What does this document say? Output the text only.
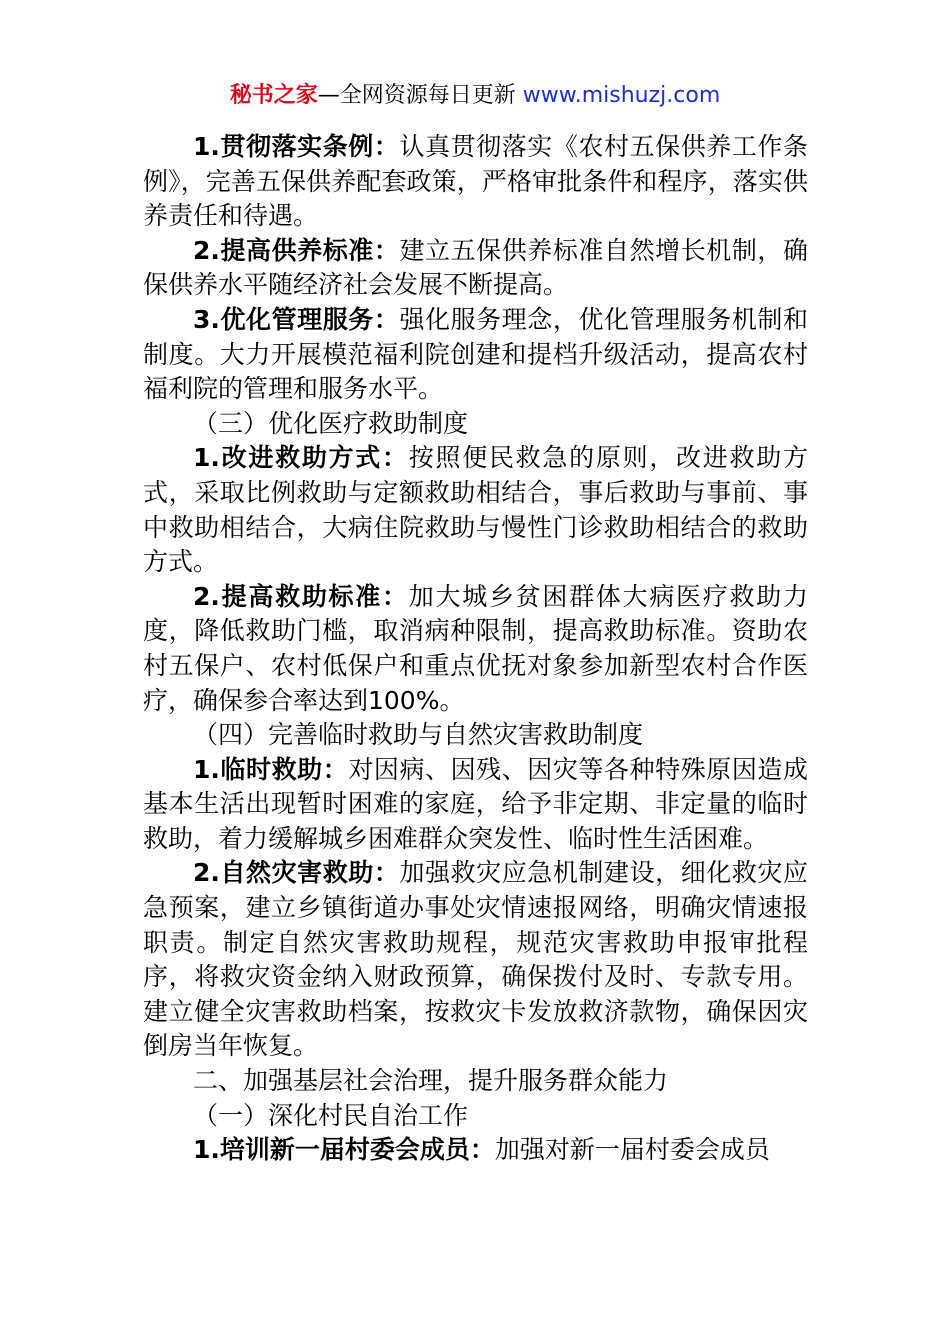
秘书之家—全网资源每日更新 www.mishuzj.com

1.贯彻落实条例：认真贯彻落实《农村五保供养工作条例》，完善五保供养配套政策，严格审批条件和程序，落实供养责任和待遇。

2.提高供养标准：建立五保供养标准自然增长机制，确保供养水平随经济社会发展不断提高。

3.优化管理服务：强化服务理念，优化管理服务机制和制度。大力开展模范福利院创建和提档升级活动，提高农村福利院的管理和服务水平。

（三）优化医疗救助制度

1.改进救助方式：按照便民救急的原则，改进救助方式，采取比例救助与定额救助相结合，事后救助与事前、事中救助相结合，大病住院救助与慢性门诊救助相结合的救助方式。

2.提高救助标准：加大城乡贫困群体大病医疗救助力度，降低救助门槛，取消病种限制，提高救助标准。资助农村五保户、农村低保户和重点优抚对象参加新型农村合作医疗，确保参合率达到100%。

（四）完善临时救助与自然灾害救助制度

1.临时救助：对因病、因残、因灾等各种特殊原因造成基本生活出现暂时困难的家庭，给予非定期、非定量的临时救助，着力缓解城乡困难群众突发性、临时性生活困难。

2.自然灾害救助：加强救灾应急机制建设，细化救灾应急预案，建立乡镇街道办事处灾情速报网络，明确灾情速报职责。制定自然灾害救助规程，规范灾害救助申报审批程序，将救灾资金纳入财政预算，确保拨付及时、专款专用。建立健全灾害救助档案，按救灾卡发放救济款物，确保因灾倒房当年恢复。

二、加强基层社会治理，提升服务群众能力

（一）深化村民自治工作

1.培训新一届村委会成员：加强对新一届村委会成员
